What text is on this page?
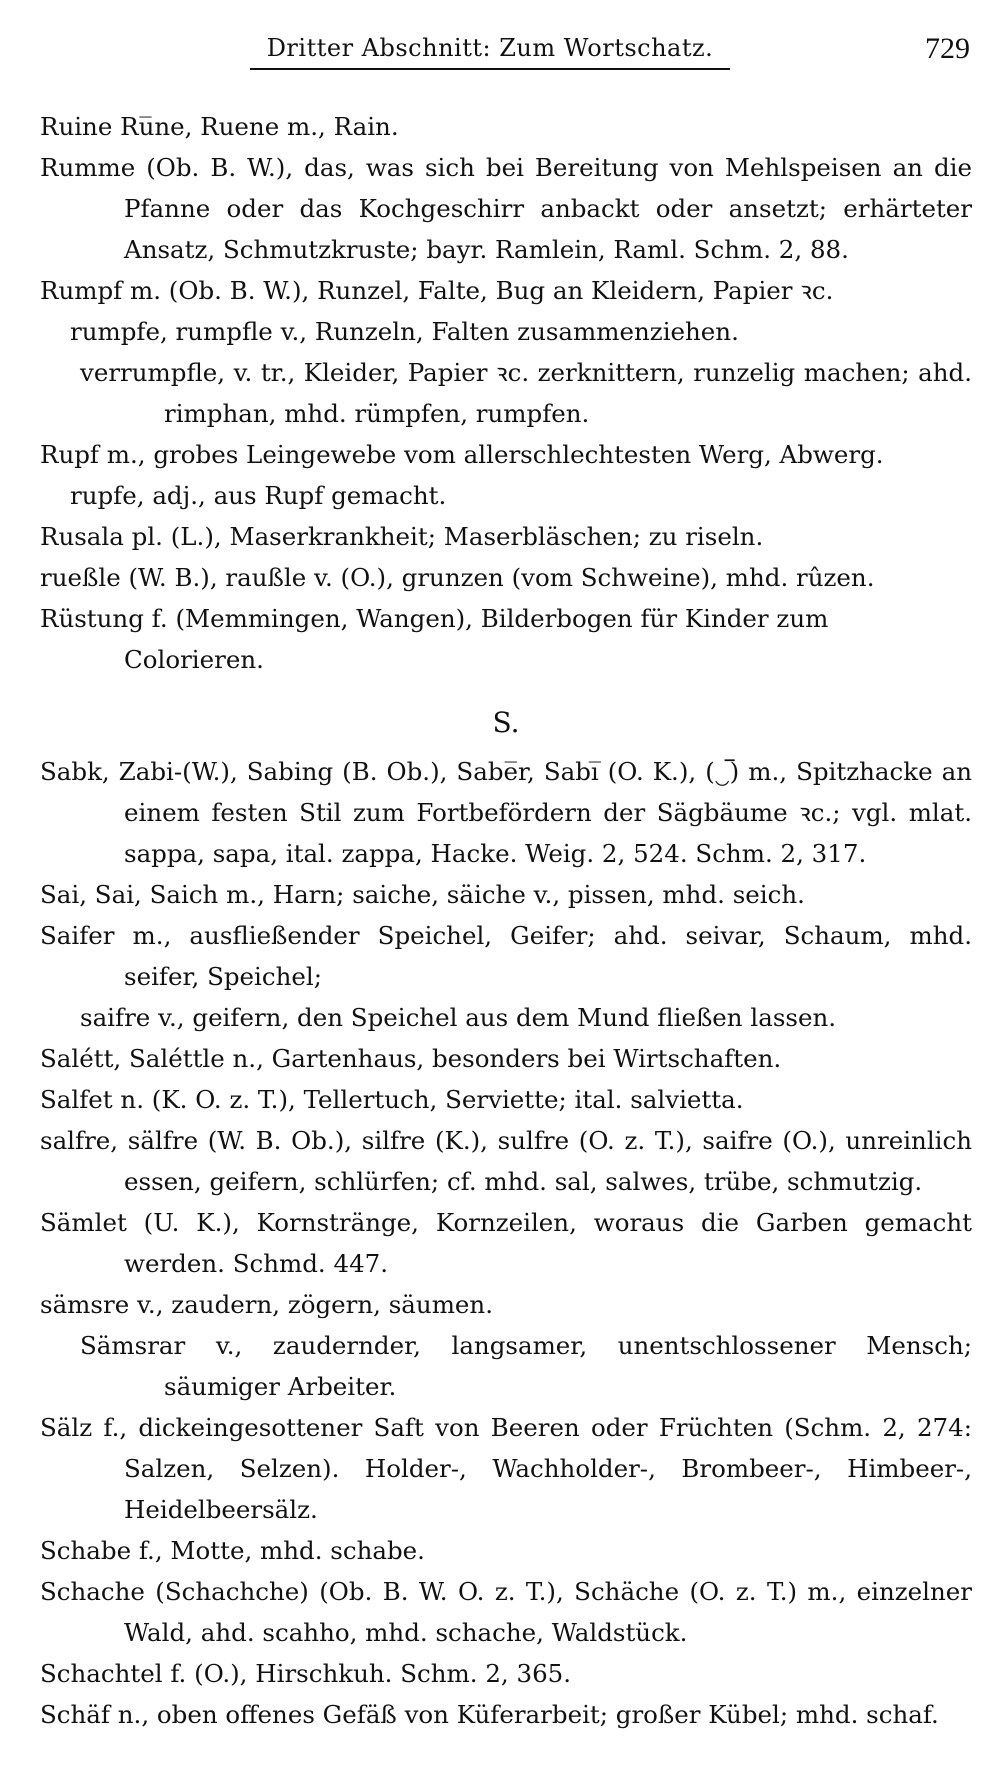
Dritter Abschnitt: Zum Wortschatz.	729

Ruine Ru̅ne, Ruene m., Rain.

Rumme (Ob. B. W.), das, was sich bei Bereitung von Mehlspeisen an die Pfanne oder das Kochgeschirr anbackt oder ansetzt; erhärteter Ansatz, Schmutzkruste; bayr. Ramlein, Raml. Schm. 2, 88.

Rumpf m. (Ob. B. W.), Runzel, Falte, Bug an Kleidern, Papier ꝛc.

rumpfe, rumpfle v., Runzeln, Falten zusammenziehen.

verrumpfle, v. tr., Kleider, Papier ꝛc. zerknittern, runzelig machen; ahd. rimphan, mhd. rümpfen, rumpfen.

Rupf m., grobes Leingewebe vom allerschlechtesten Werg, Abwerg.

rupfe, adj., aus Rupf gemacht.

Rusala pl. (L.), Maserkrankheit; Maserbläschen; zu riseln.

rueßle (W. B.), raußle v. (O.), grunzen (vom Schweine), mhd. rûzen.

Rüstung f. (Memmingen, Wangen), Bilderbogen für Kinder zum Colorieren.

S.

Sabk, Zabi-(W.), Sabing (B. Ob.), Sabe̅r, Sabi̅ (O. K.), (‿̅) m., Spitzhacke an einem festen Stil zum Fortbefördern der Sägbäume ꝛc.; vgl. mlat. sappa, sapa, ital. zappa, Hacke. Weig. 2, 524. Schm. 2, 317.

Sai, Sai, Saich m., Harn; saiche, säiche v., pissen, mhd. seich.

Saifer m., ausfließender Speichel, Geifer; ahd. seivar, Schaum, mhd. seifer, Speichel;

saifre v., geifern, den Speichel aus dem Mund fließen lassen.

Salétt, Saléttle n., Gartenhaus, besonders bei Wirtschaften.

Salfet n. (K. O. z. T.), Tellertuch, Serviette; ital. salvietta.

salfre, sälfre (W. B. Ob.), silfre (K.), sulfre (O. z. T.), saifre (O.), unreinlich essen, geifern, schlürfen; cf. mhd. sal, salwes, trübe, schmutzig.

Sämlet (U. K.), Kornstränge, Kornzeilen, woraus die Garben gemacht werden. Schmd. 447.

sämsre v., zaudern, zögern, säumen.

Sämsrar v., zaudernder, langsamer, unentschlossener Mensch; säumiger Arbeiter.

Sälz f., dickeingesottener Saft von Beeren oder Früchten (Schm. 2, 274: Salzen, Selzen). Holder-, Wachholder-, Brombeer-, Himbeer-, Heidelbeersälz.

Schabe f., Motte, mhd. schabe.

Schache (Schachche) (Ob. B. W. O. z. T.), Schäche (O. z. T.) m., einzelner Wald, ahd. scahho, mhd. schache, Waldstück.

Schachtel f. (O.), Hirschkuh. Schm. 2, 365.

Schäf n., oben offenes Gefäß von Küferarbeit; großer Kübel; mhd. schaf.
